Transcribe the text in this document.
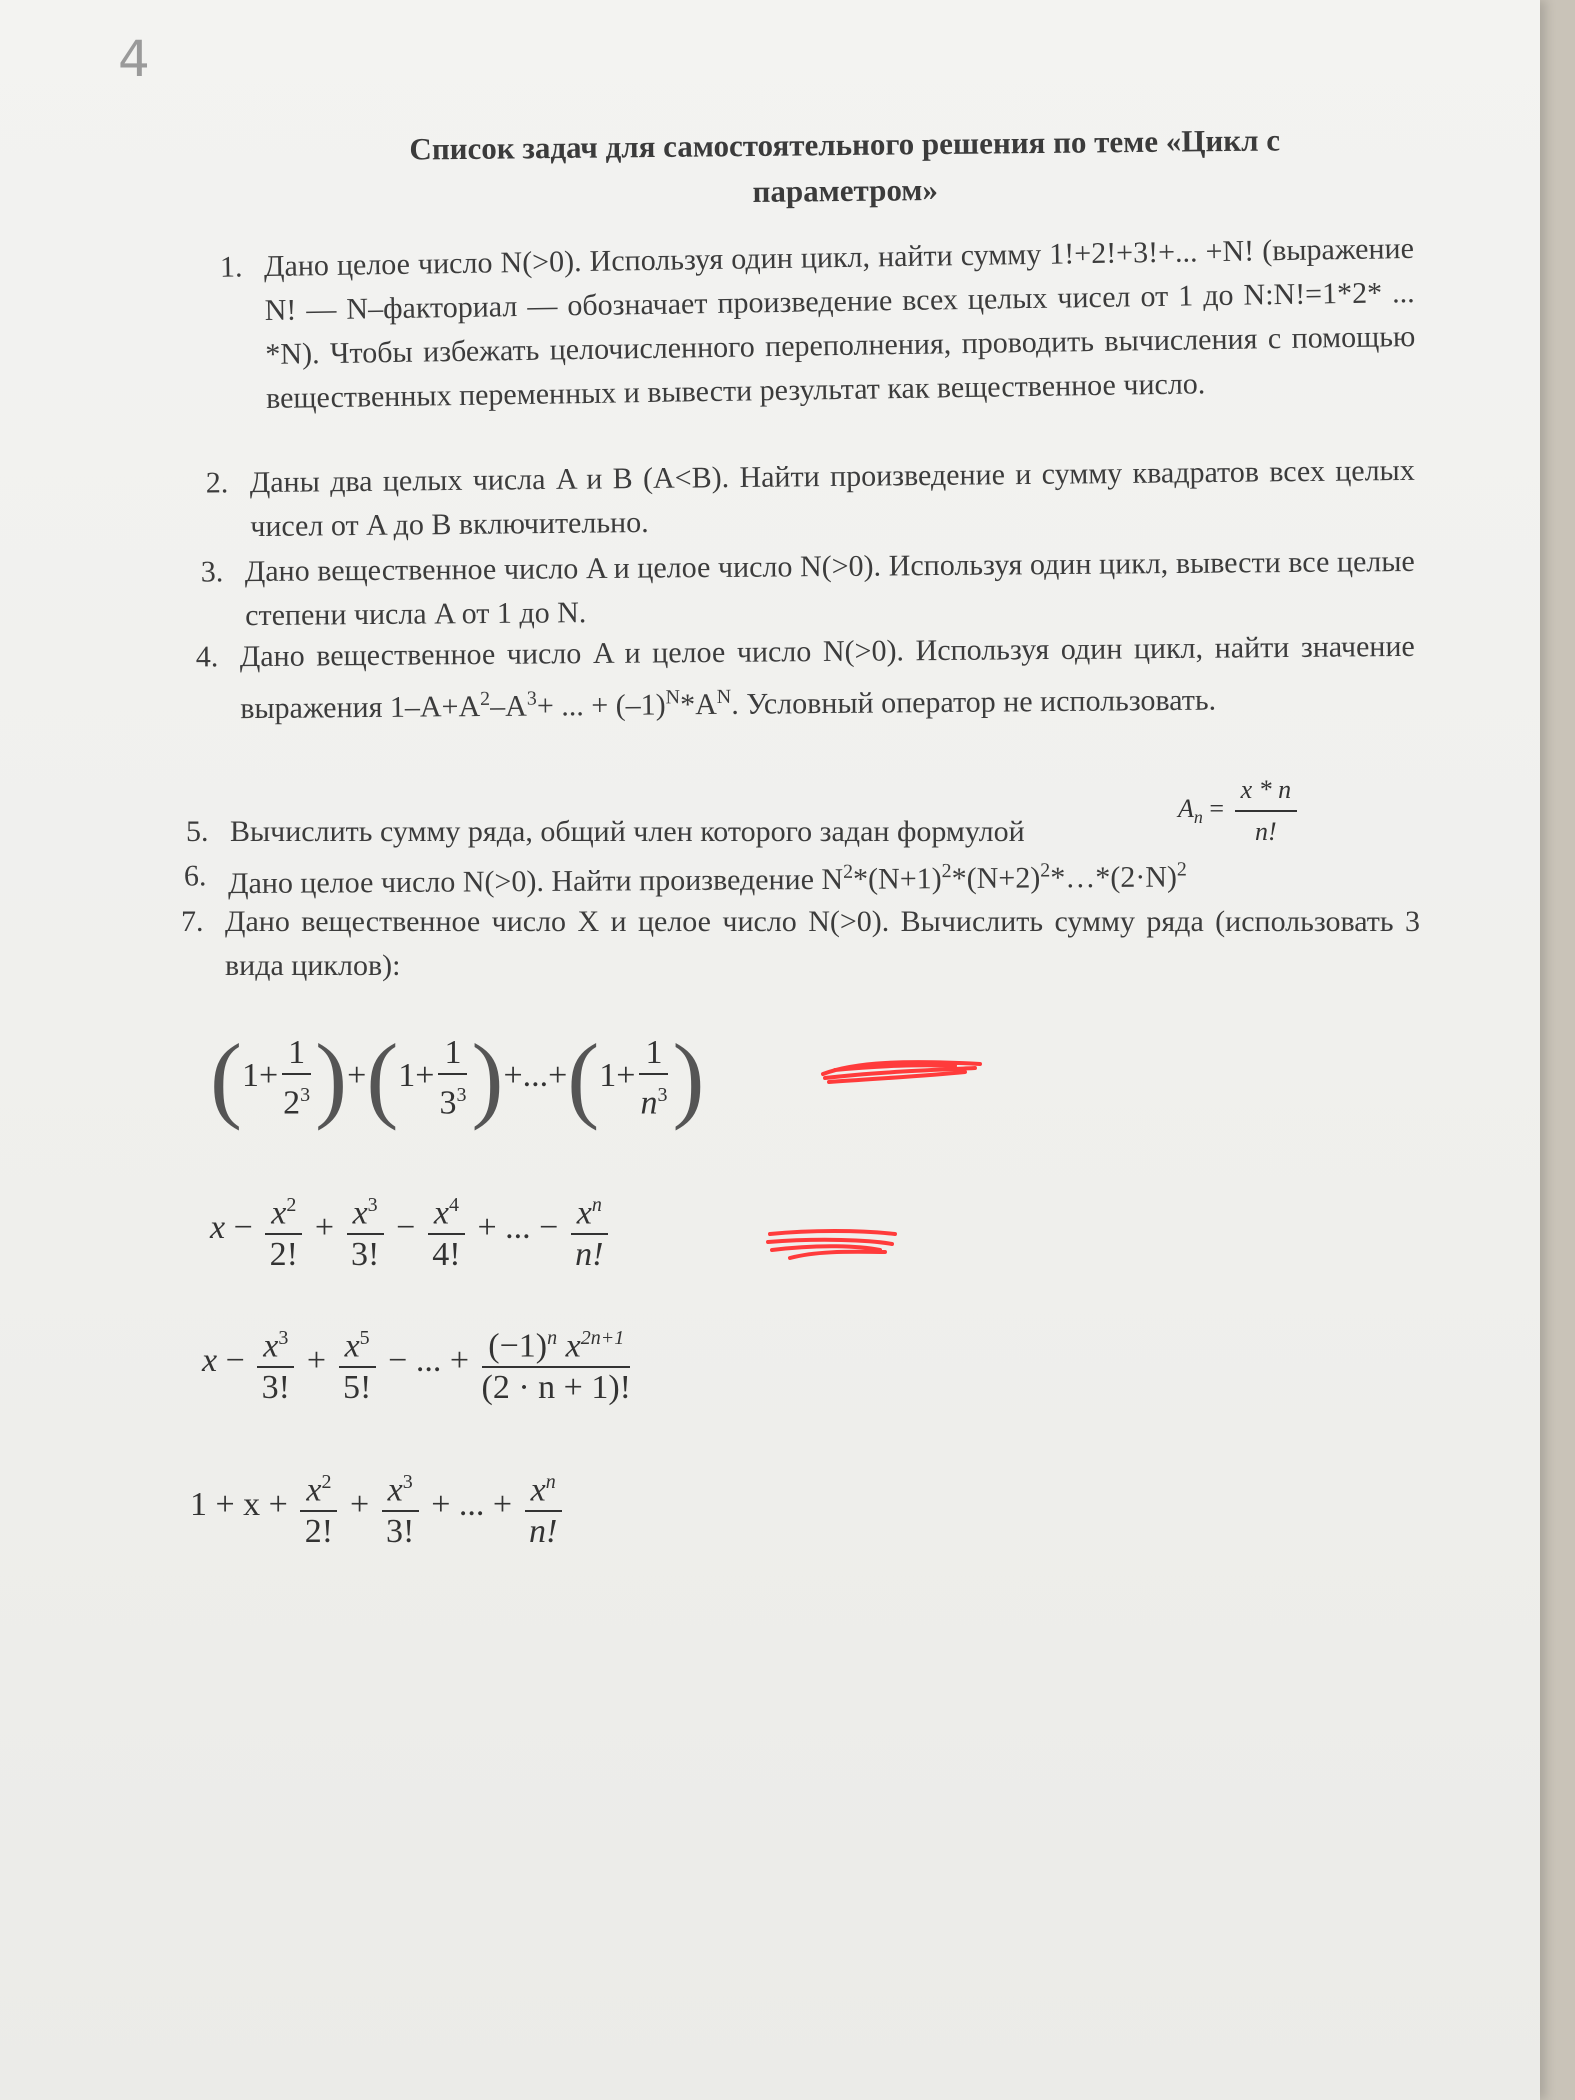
4
Список задач для самостоятельного решения по теме «Цикл с параметром»
1. Дано целое число N(>0). Используя один цикл, найти сумму 1!+2!+3!+... +N! (выражение N! — N–факториал — обозначает произведение всех целых чисел от 1 до N:N!=1*2* ... *N). Чтобы избежать целочисленного переполнения, проводить вычисления с помощью вещественных переменных и вывести результат как вещественное число.
2. Даны два целых числа A и B (A<B). Найти произведение и сумму квадратов всех целых чисел от A до B включительно.
3. Дано вещественное число A и целое число N(>0). Используя один цикл, вывести все целые степени числа A от 1 до N.
4. Дано вещественное число A и целое число N(>0). Используя один цикл, найти значение выражения $1-A+A^2-A^3+$ ... + $(-1)^N*A^N$. Условный оператор не использовать.
5. Вычислить сумму ряда, общий член которого задан формулой
$A_n = \frac{x * n}{n!}$
6. Дано целое число N(>0). Найти произведение $N^2*(N+1)^2*(N+2)^2*\dots*(2\cdot N)^2$
7. Дано вещественное число X и целое число N(>0). Вычислить сумму ряда (использовать 3 вида циклов):
$(1+ \frac{1}{2^3} )+(1+ \frac{1}{3^3} )+...+(1+ \frac{1}{n^3}$ )
$x - \frac{x^2}{2!} + \frac{x^3}{3!} - \frac{x^4}{4!}$ + ... − $\frac{x^n}{n!}$
$x - \frac{x^3}{3!} + \frac{x^5}{5!}$ − ... + $\frac{(-1)^n x^{2n+1}}{(2 \cdot n + 1)!}$
$1 + x + \frac{x^2}{2!} + \frac{x^3}{3!}$ + ... + $\frac{x^n}{n!}$
